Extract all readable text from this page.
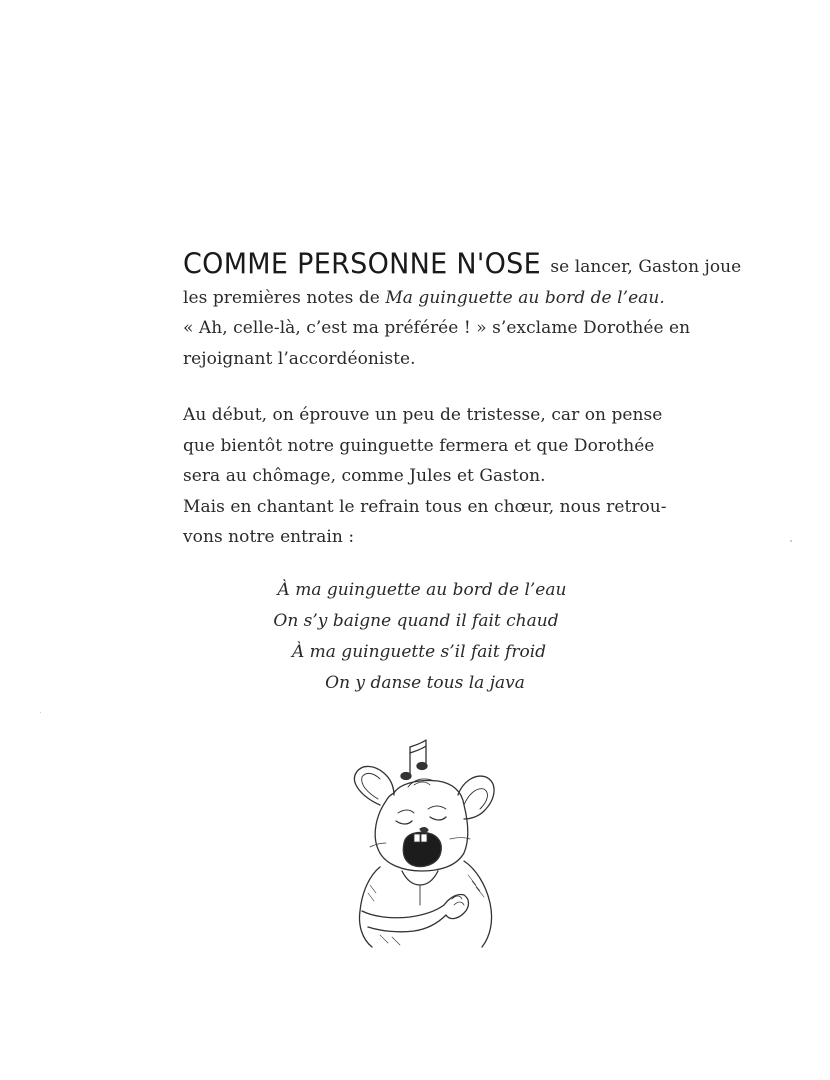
COMME PERSONNE N'OSE se lancer, Gaston joue
les premières notes de Ma guinguette au bord de l’eau.
« Ah, celle-là, c’est ma préférée ! » s’exclame Dorothée en
rejoignant l’accordéoniste.

Au début, on éprouve un peu de tristesse, car on pense
que bientôt notre guinguette fermera et que Dorothée
sera au chômage, comme Jules et Gaston.
Mais en chantant le refrain tous en chœur, nous retrou-
vons notre entrain :

À ma guinguette au bord de l’eau
On s’y baigne quand il fait chaud
À ma guinguette s’il fait froid
On y danse tous la java
